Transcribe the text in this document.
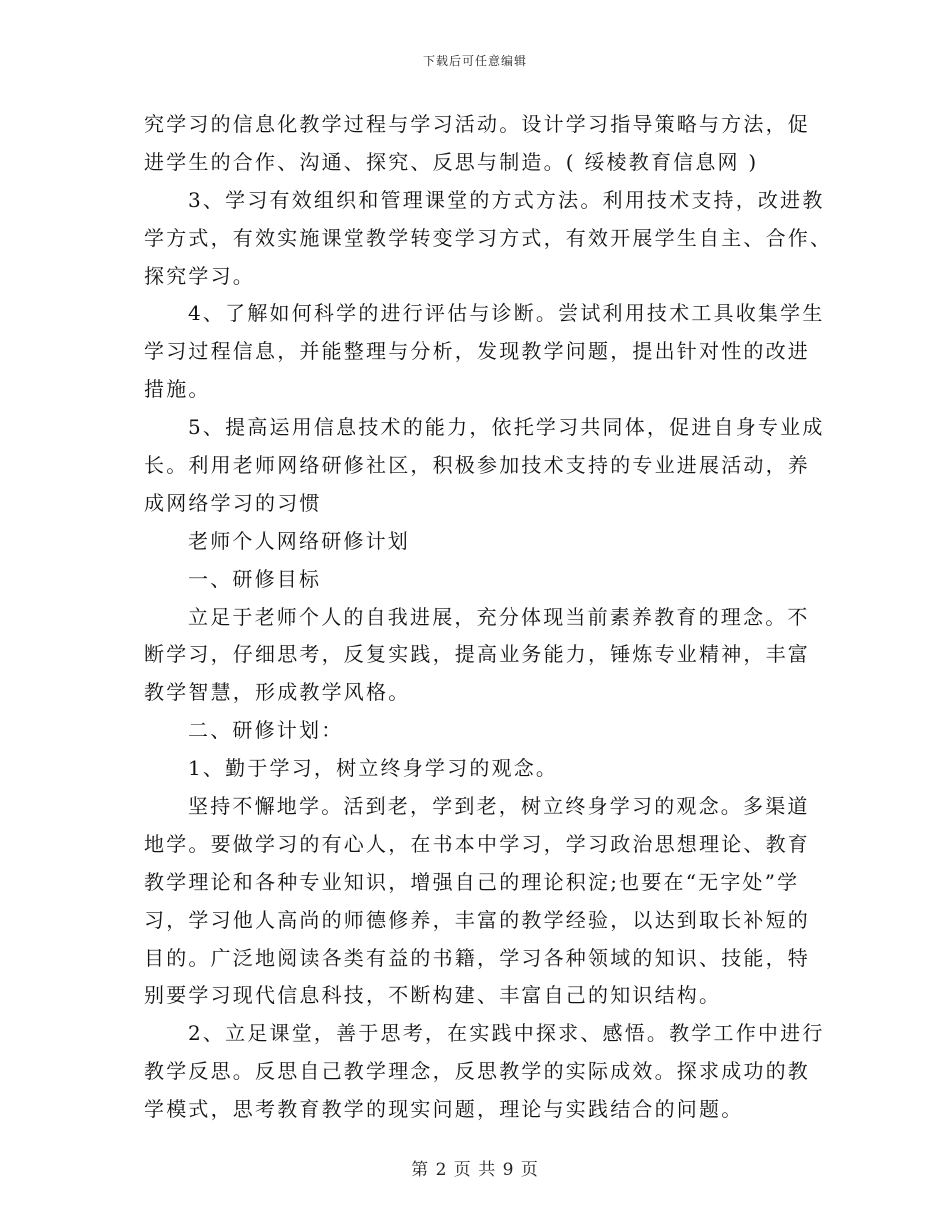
下载后可任意编辑
究学习的信息化教学过程与学习活动。设计学习指导策略与方法，促
进学生的合作、沟通、探究、反思与制造。( 绥棱教育信息网 )
3、学习有效组织和管理课堂的方式方法。利用技术支持，改进教
学方式，有效实施课堂教学转变学习方式，有效开展学生自主、合作、
探究学习。
4、了解如何科学的进行评估与诊断。尝试利用技术工具收集学生
学习过程信息，并能整理与分析，发现教学问题，提出针对性的改进
措施。
5、提高运用信息技术的能力，依托学习共同体，促进自身专业成
长。利用老师网络研修社区，积极参加技术支持的专业进展活动，养
成网络学习的习惯
老师个人网络研修计划
一、研修目标
立足于老师个人的自我进展，充分体现当前素养教育的理念。不
断学习，仔细思考，反复实践，提高业务能力，锤炼专业精神，丰富
教学智慧，形成教学风格。
二、研修计划：
1、勤于学习，树立终身学习的观念。
坚持不懈地学。活到老，学到老，树立终身学习的观念。多渠道
地学。要做学习的有心人，在书本中学习，学习政治思想理论、教育
教学理论和各种专业知识，增强自己的理论积淀;也要在“无字处”学
习，学习他人高尚的师德修养，丰富的教学经验，以达到取长补短的
目的。广泛地阅读各类有益的书籍，学习各种领域的知识、技能，特
别要学习现代信息科技，不断构建、丰富自己的知识结构。
2、立足课堂，善于思考，在实践中探求、感悟。教学工作中进行
教学反思。反思自己教学理念，反思教学的实际成效。探求成功的教
学模式，思考教育教学的现实问题，理论与实践结合的问题。
第 2 页 共 9 页
